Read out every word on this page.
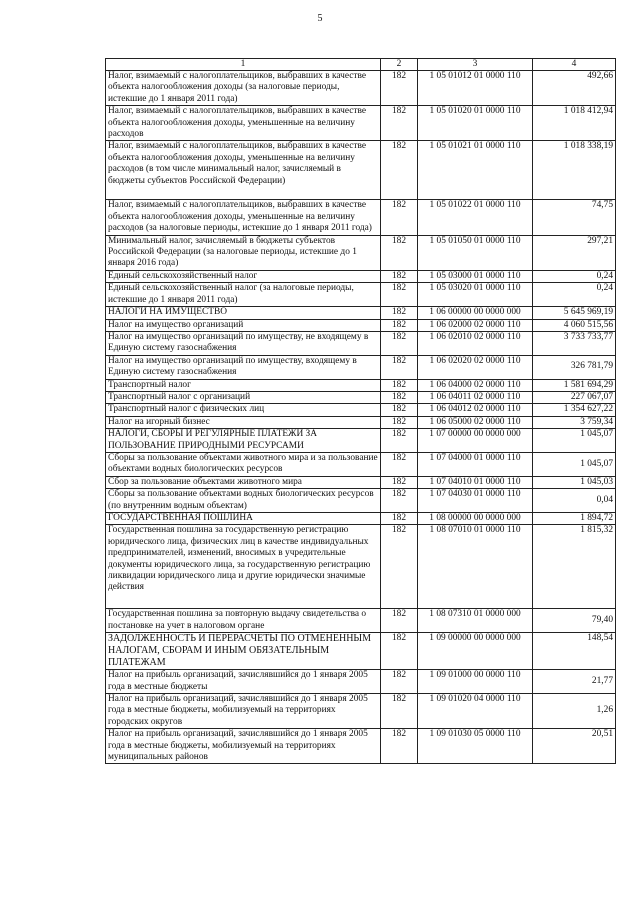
5
1	2	3	4
Налог, взимаемый с налогоплательщиков, выбравших в качестве объекта налогообложения доходы (за налоговые периоды, истекшие до 1 января 2011 года)	182	1 05 01012 01 0000 110	492,66
Налог, взимаемый с налогоплательщиков, выбравших в качестве объекта налогообложения доходы, уменьшенные на величину расходов	182	1 05 01020 01 0000 110	1 018 412,94
Налог, взимаемый с налогоплательщиков, выбравших в качестве объекта налогообложения доходы, уменьшенные на величину расходов (в том числе минимальный налог, зачисляемый в бюджеты субъектов Российской Федерации)	182	1 05 01021 01 0000 110	1 018 338,19
Налог, взимаемый с налогоплательщиков, выбравших в качестве объекта налогообложения доходы, уменьшенные на величину расходов (за налоговые периоды, истекшие до 1 января 2011 года)	182	1 05 01022 01 0000 110	74,75
Минимальный налог, зачисляемый в бюджеты субъектов Российской Федерации (за налоговые периоды, истекшие до 1 января 2016 года)	182	1 05 01050 01 0000 110	297,21
Единый сельскохозяйственный налог	182	1 05 03000 01 0000 110	0,24
Единый сельскохозяйственный налог (за налоговые периоды, истекшие до 1 января 2011 года)	182	1 05 03020 01 0000 110	0,24
НАЛОГИ НА ИМУЩЕСТВО	182	1 06 00000 00 0000 000	5 645 969,19
Налог на имущество организаций	182	1 06 02000 02 0000 110	4 060 515,56
Налог на имущество организаций по имуществу, не входящему в Единую систему газоснабжения	182	1 06 02010 02 0000 110	3 733 733,77
Налог на имущество организаций по имуществу, входящему в Единую систему газоснабжения	182	1 06 02020 02 0000 110	326 781,79
Транспортный налог	182	1 06 04000 02 0000 110	1 581 694,29
Транспортный налог с организаций	182	1 06 04011 02 0000 110	227 067,07
Транспортный налог с физических лиц	182	1 06 04012 02 0000 110	1 354 627,22
Налог на игорный бизнес	182	1 06 05000 02 0000 110	3 759,34
НАЛОГИ, СБОРЫ И РЕГУЛЯРНЫЕ ПЛАТЕЖИ ЗА ПОЛЬЗОВАНИЕ ПРИРОДНЫМИ РЕСУРСАМИ	182	1 07 00000 00 0000 000	1 045,07
Сборы за пользование объектами животного мира и за пользование объектами водных биологических ресурсов	182	1 07 04000 01 0000 110	1 045,07
Сбор за пользование объектами животного мира	182	1 07 04010 01 0000 110	1 045,03
Сборы за пользование объектами водных биологических ресурсов (по внутренним водным объектам)	182	1 07 04030 01 0000 110	0,04
ГОСУДАРСТВЕННАЯ ПОШЛИНА	182	1 08 00000 00 0000 000	1 894,72
Государственная пошлина за государственную регистрацию юридического лица, физических лиц в качестве индивидуальных предпринимателей, изменений, вносимых в учредительные документы юридического лица, за государственную регистрацию ликвидации юридического лица и другие юридически значимые действия	182	1 08 07010 01 0000 110	1 815,32
Государственная пошлина за повторную выдачу свидетельства о постановке на учет в налоговом органе	182	1 08 07310 01 0000 000	79,40
ЗАДОЛЖЕННОСТЬ И ПЕРЕРАСЧЕТЫ ПО ОТМЕНЕННЫМ НАЛОГАМ, СБОРАМ И ИНЫМ ОБЯЗАТЕЛЬНЫМ ПЛАТЕЖАМ	182	1 09 00000 00 0000 000	148,54
Налог на прибыль организаций, зачислявшийся до 1 января 2005 года в местные бюджеты	182	1 09 01000 00 0000 110	21,77
Налог на прибыль организаций, зачислявшийся до 1 января 2005 года в местные бюджеты, мобилизуемый на территориях городских округов	182	1 09 01020 04 0000 110	1,26
Налог на прибыль организаций, зачислявшийся до 1 января 2005 года в местные бюджеты, мобилизуемый на территориях муниципальных районов	182	1 09 01030 05 0000 110	20,51
